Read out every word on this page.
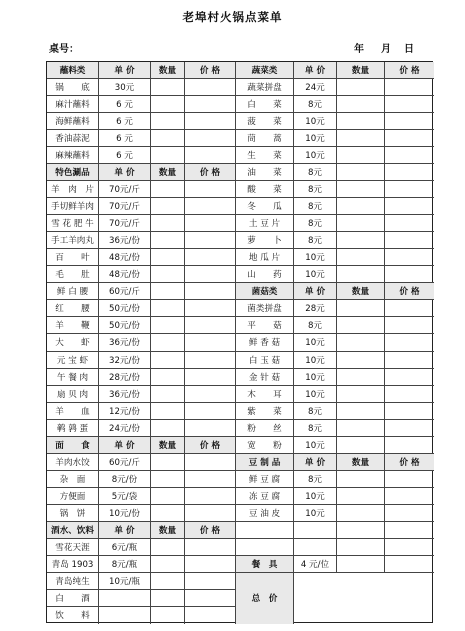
老埠村火锅点菜单
桌号：	年 月 日
蘸料类	单 价	数量	价 格
锅　　底	30元
麻汁蘸料	6 元
海鲜蘸料	6 元
香油蒜泥	6 元
麻辣蘸料	6 元
特色涮品	单 价	数量	价 格
羊　肉　片	70元/斤
手切鲜羊肉	70元/斤
雪 花 肥 牛	70元/斤
手工羊肉丸	36元/份
百　　叶	48元/份
毛　　肚	48元/份
鲜 白 腰	60元/斤
红　　腰	50元/份
羊　　鞭	50元/份
大　　虾	36元/份
元 宝 虾	32元/份
午 餐 肉	28元/份
扇 贝 肉	36元/份
羊　　血	12元/份
鹌 鹑 蛋	24元/份
面　　食	单 价	数量	价 格
羊肉水饺	60元/斤
杂　面	8元/份
方便面	5元/袋
锅　饼	10元/份
酒水、饮料	单 价	数量	价 格
雪花天涯	6元/瓶
青岛 1903	8元/瓶
青岛纯生	10元/瓶
白　　酒
饮　　料
蔬菜类	单 价	数量	价 格
蔬菜拼盘	24元
白　　菜	8元
菠　　菜	10元
茼　　蒿	10元
生　　菜	10元
油　　菜	8元
酸　　菜	8元
冬　　瓜	8元
土 豆 片	8元
萝　　卜	8元
地 瓜 片	10元
山　　药	10元
菌菇类	单 价	数量	价 格
菌类拼盘	28元
平　　菇	8元
鲜 香 菇	10元
白 玉 菇	10元
金 针 菇	10元
木　　耳	10元
紫　　菜	8元
粉　　丝	8元
宽　　粉	10元
豆 制 品	单 价	数量	价 格
鲜 豆 腐	8元
冻 豆 腐	10元
豆 油 皮	10元
餐　具	4 元/位
总　价
